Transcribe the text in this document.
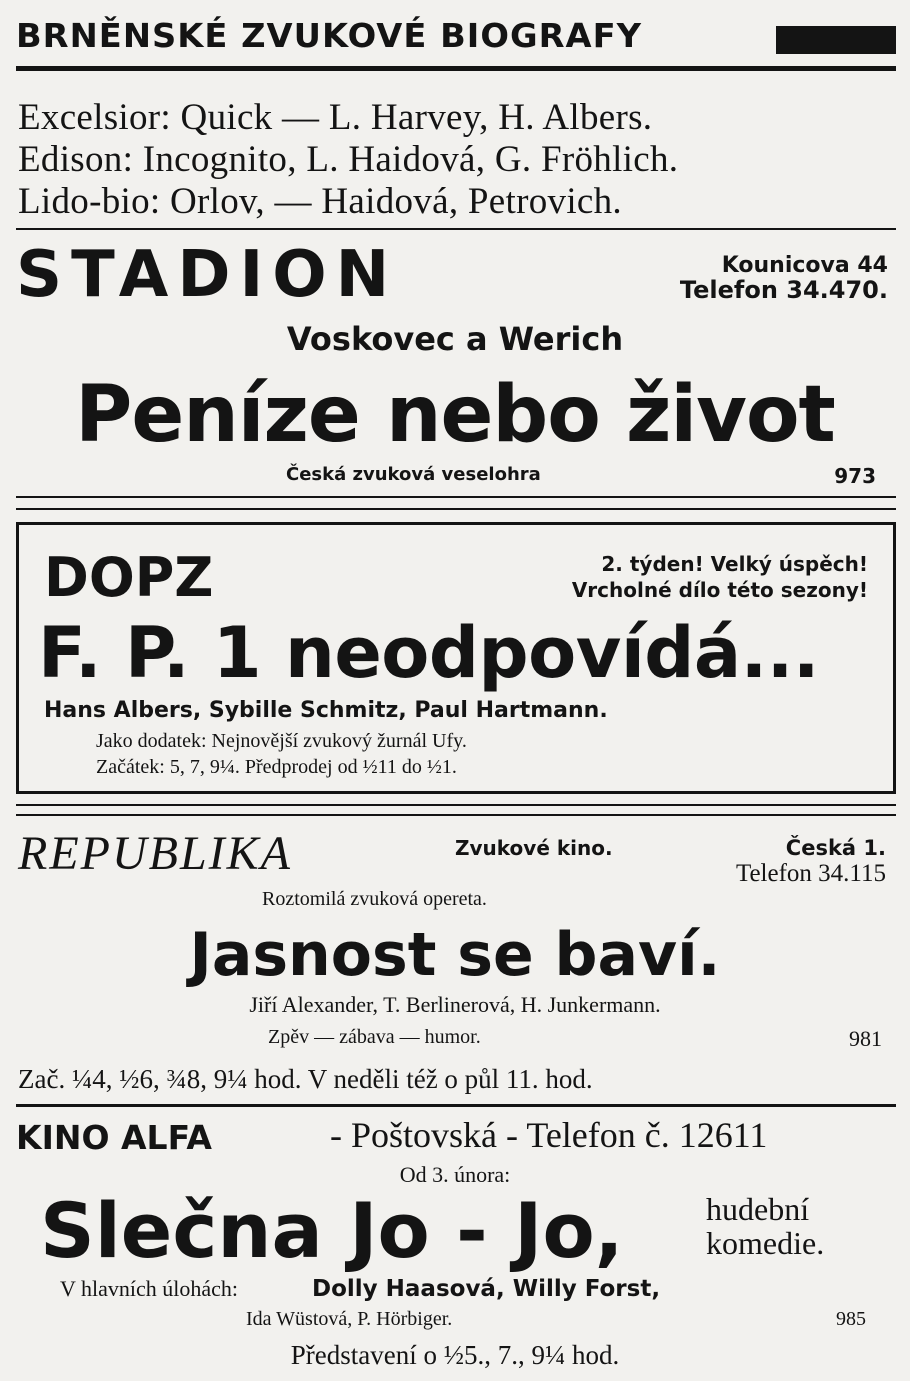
BRNĚNSKÉ ZVUKOVÉ BIOGRAFY
Excelsior: Quick — L. Harvey, H. Albers.
Edison: Incognito, L. Haidová, G. Fröhlich.
Lido-bio: Orlov, — Haidová, Petrovich.
STADION	Kounicova 44
Telefon 34.470.
Voskovec a Werich
Peníze nebo život
Česká zvuková veselohra	973
DOPZ	2. týden! Velký úspěch!
Vrcholné dílo této sezony!
F. P. 1 neodpovídá...
Hans Albers, Sybille Schmitz, Paul Hartmann.
Jako dodatek: Nejnovější zvukový žurnál Ufy.
Začátek: 5, 7, 9¼. Předprodej od ½11 do ½1.
REPUBLIKA	Zvukové kino.	Česká 1.
Telefon 34.115
Roztomilá zvuková opereta.
Jasnost se baví.
Jiří Alexander, T. Berlinerová, H. Junkermann.
Zpěv — zábava — humor.	981
Zač. ¼4, ½6, ¾8, 9¼ hod. V neděli též o půl 11. hod.
KINO ALFA	- Poštovská - Telefon č. 12611
Od 3. února:
Slečna Jo - Jo,	hudební
komedie.
V hlavních úlohách:	Dolly Haasová, Willy Forst,
Ida Wüstová, P. Hörbiger.	985
Představení o ½5., 7., 9¼ hod.
